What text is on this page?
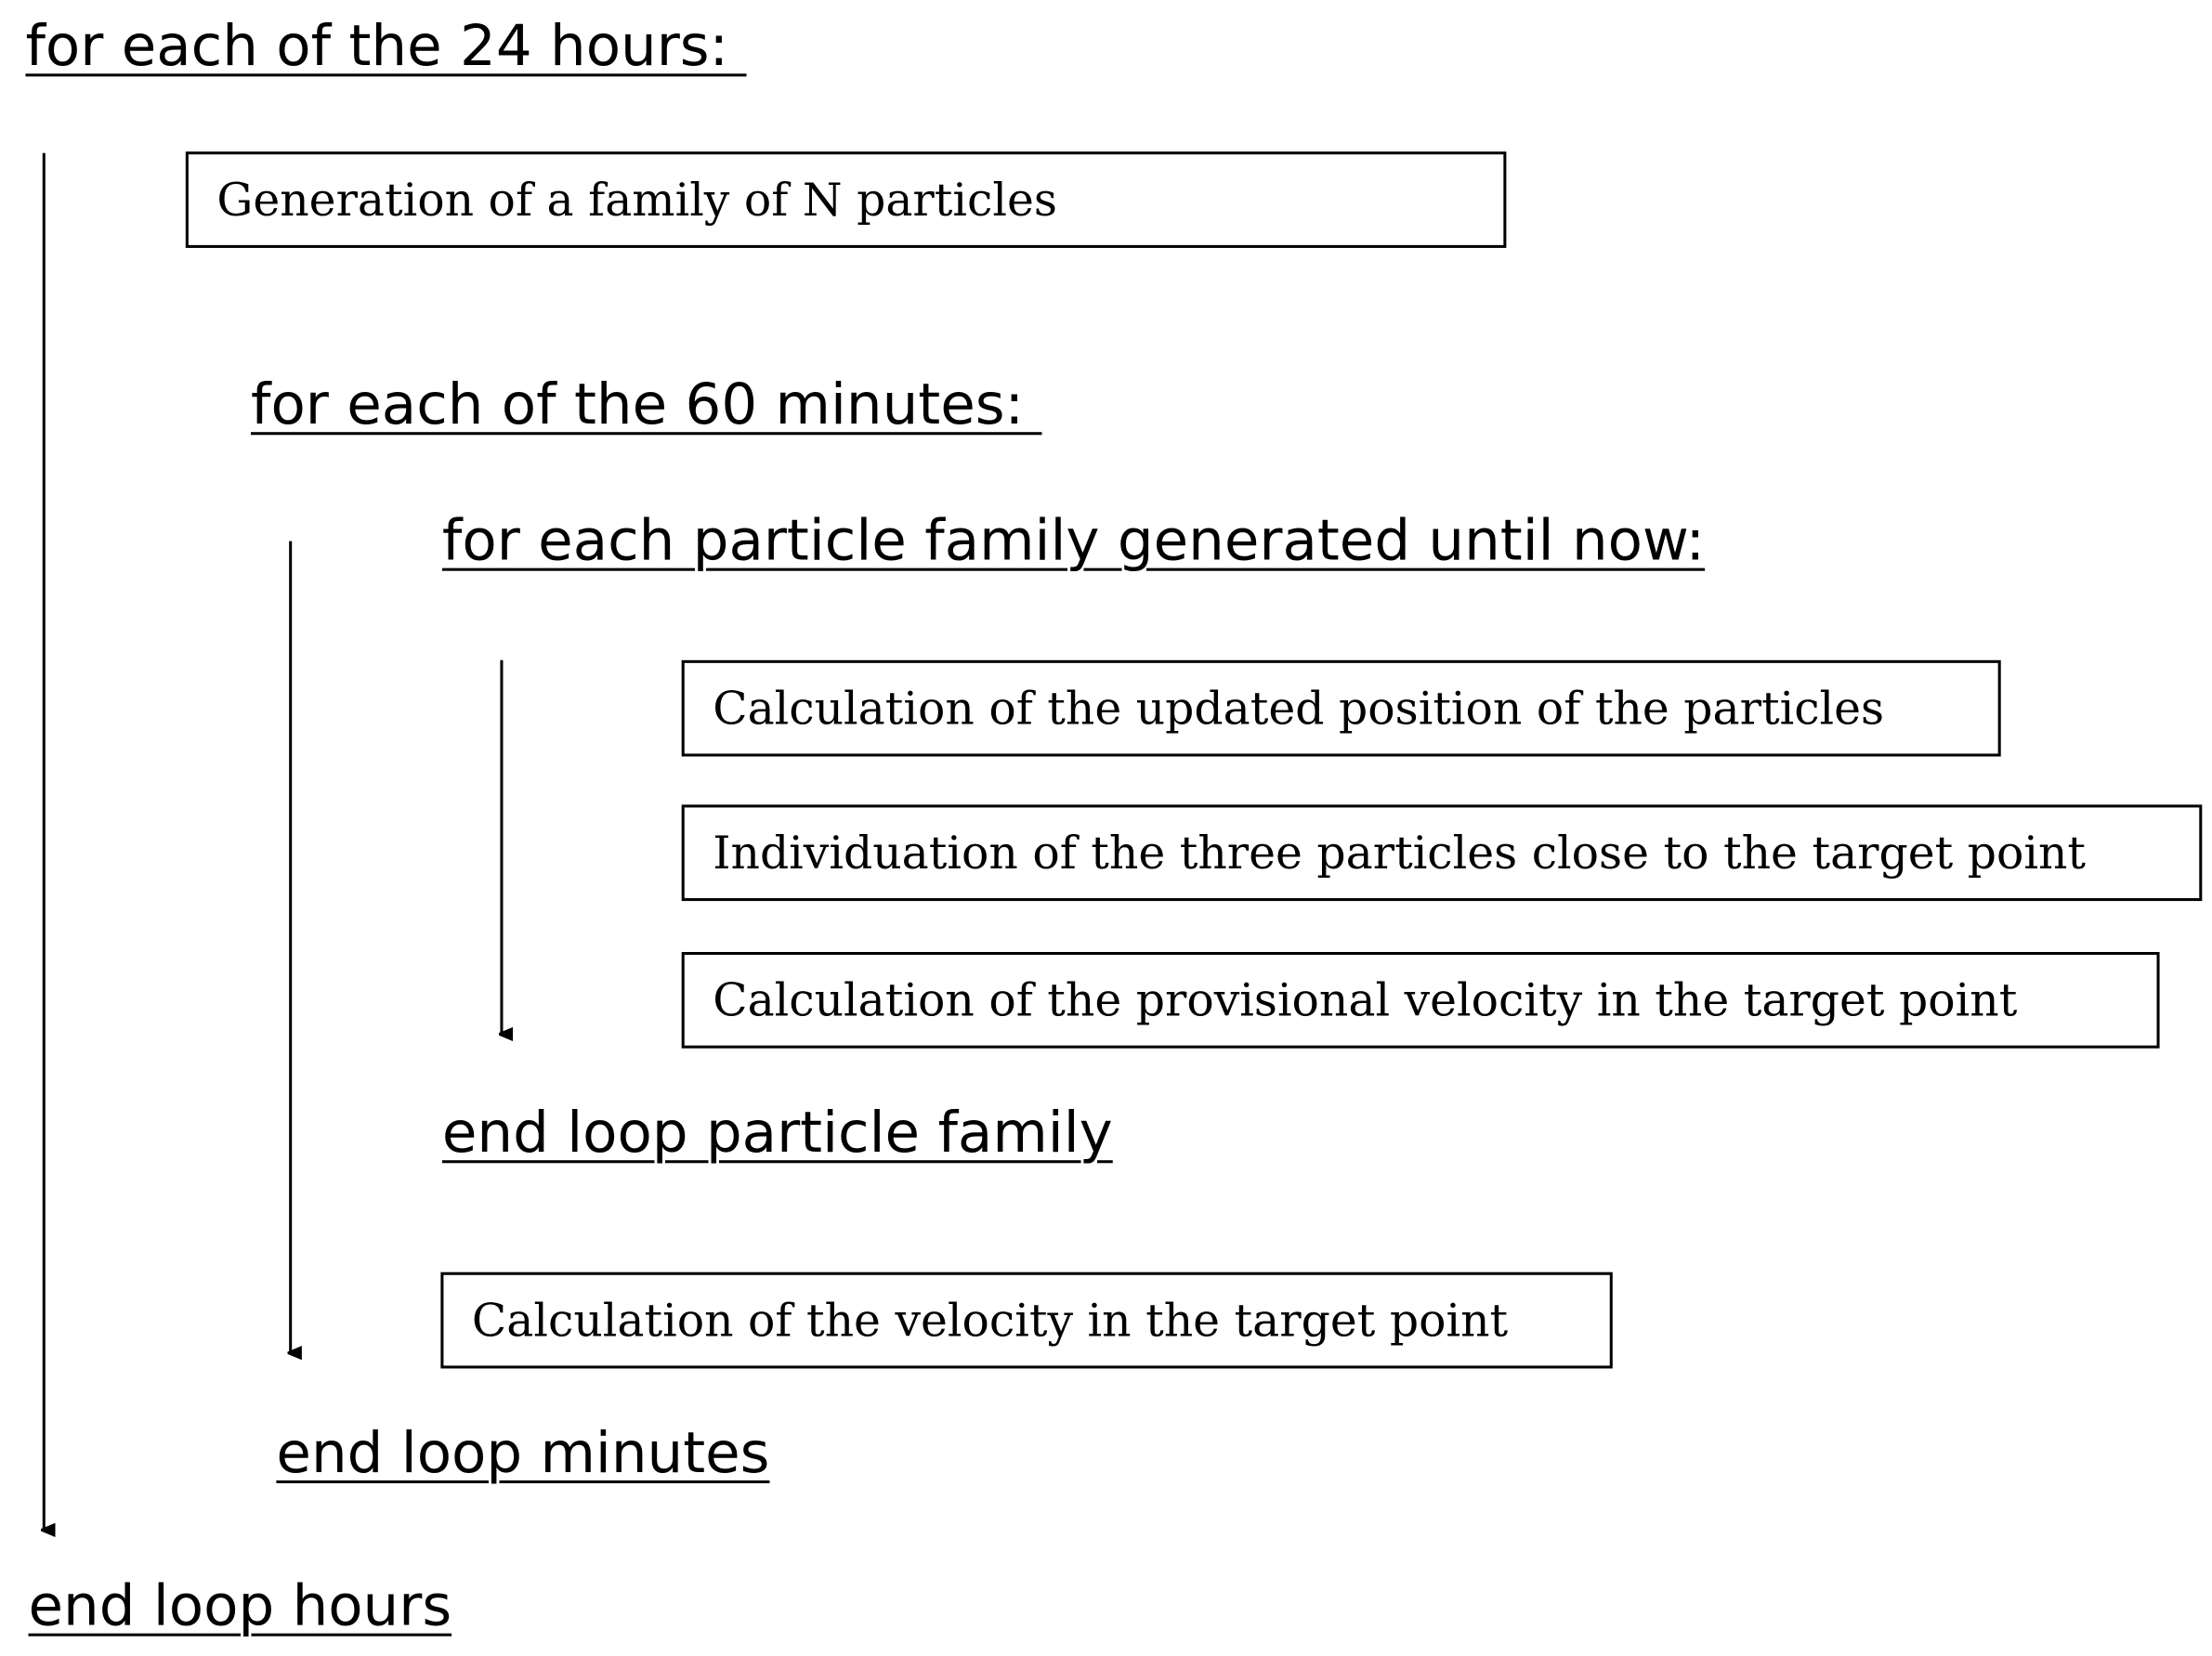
for each of the 24 hours:

Generation of a family of N particles

for each of the 60 minutes:

for each particle family generated until now:

Calculation of the updated position of the particles
Individuation of the three particles close to the target point
Calculation of the provisional velocity in the target point

end loop particle family

Calculation of the velocity in the target point

end loop minutes

end loop hours
